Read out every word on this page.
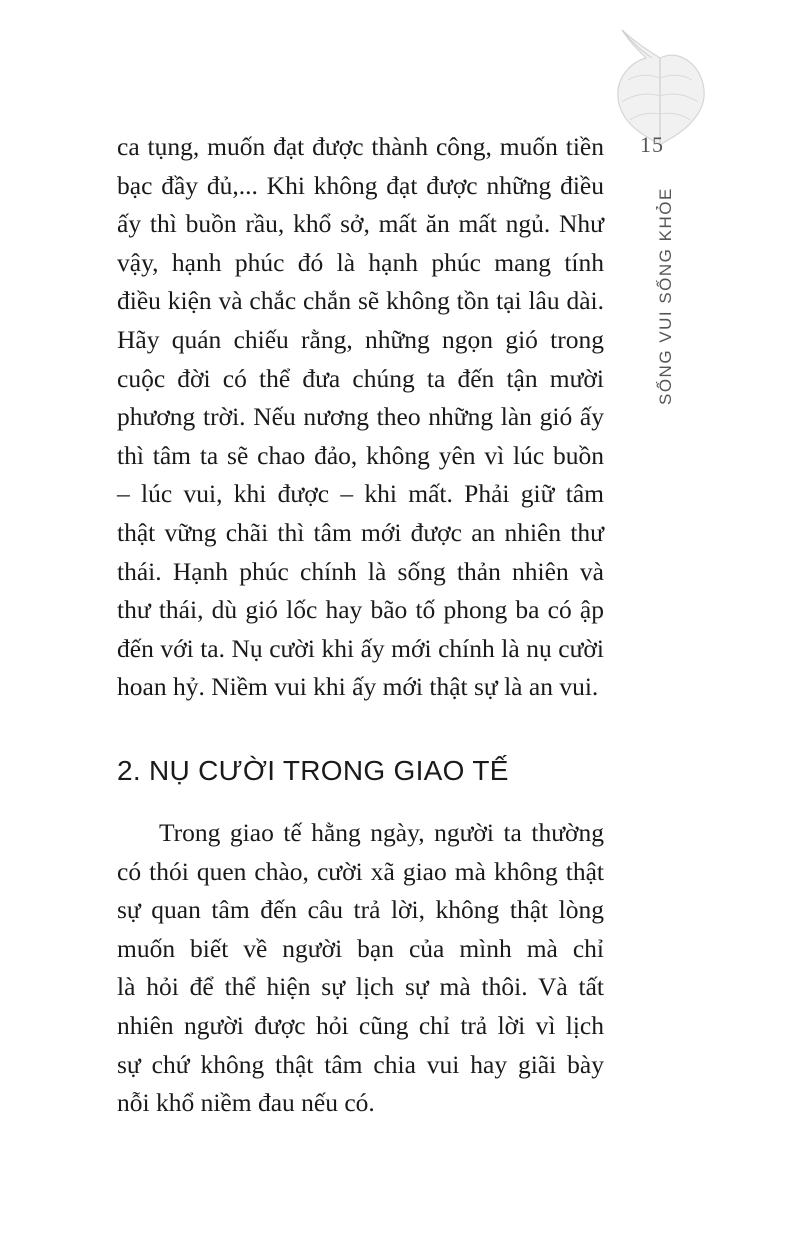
15
SỐNG VUI SỐNG KHỎE
ca tụng, muốn đạt được thành công, muốn tiền
bạc đầy đủ,... Khi không đạt được những điều
ấy thì buồn rầu, khổ sở, mất ăn mất ngủ. Như
vậy, hạnh phúc đó là hạnh phúc mang tính
điều kiện và chắc chắn sẽ không tồn tại lâu dài.
Hãy quán chiếu rằng, những ngọn gió trong
cuộc đời có thể đưa chúng ta đến tận mười
phương trời. Nếu nương theo những làn gió ấy
thì tâm ta sẽ chao đảo, không yên vì lúc buồn
– lúc vui, khi được – khi mất. Phải giữ tâm
thật vững chãi thì tâm mới được an nhiên thư
thái. Hạnh phúc chính là sống thản nhiên và
thư thái, dù gió lốc hay bão tố phong ba có ập
đến với ta. Nụ cười khi ấy mới chính là nụ cười
hoan hỷ. Niềm vui khi ấy mới thật sự là an vui.
2. NỤ CƯỜI TRONG GIAO TẾ
Trong giao tế hằng ngày, người ta thường
có thói quen chào, cười xã giao mà không thật
sự quan tâm đến câu trả lời, không thật lòng
muốn biết về người bạn của mình mà chỉ
là hỏi để thể hiện sự lịch sự mà thôi. Và tất
nhiên người được hỏi cũng chỉ trả lời vì lịch
sự chứ không thật tâm chia vui hay giãi bày
nỗi khổ niềm đau nếu có.
